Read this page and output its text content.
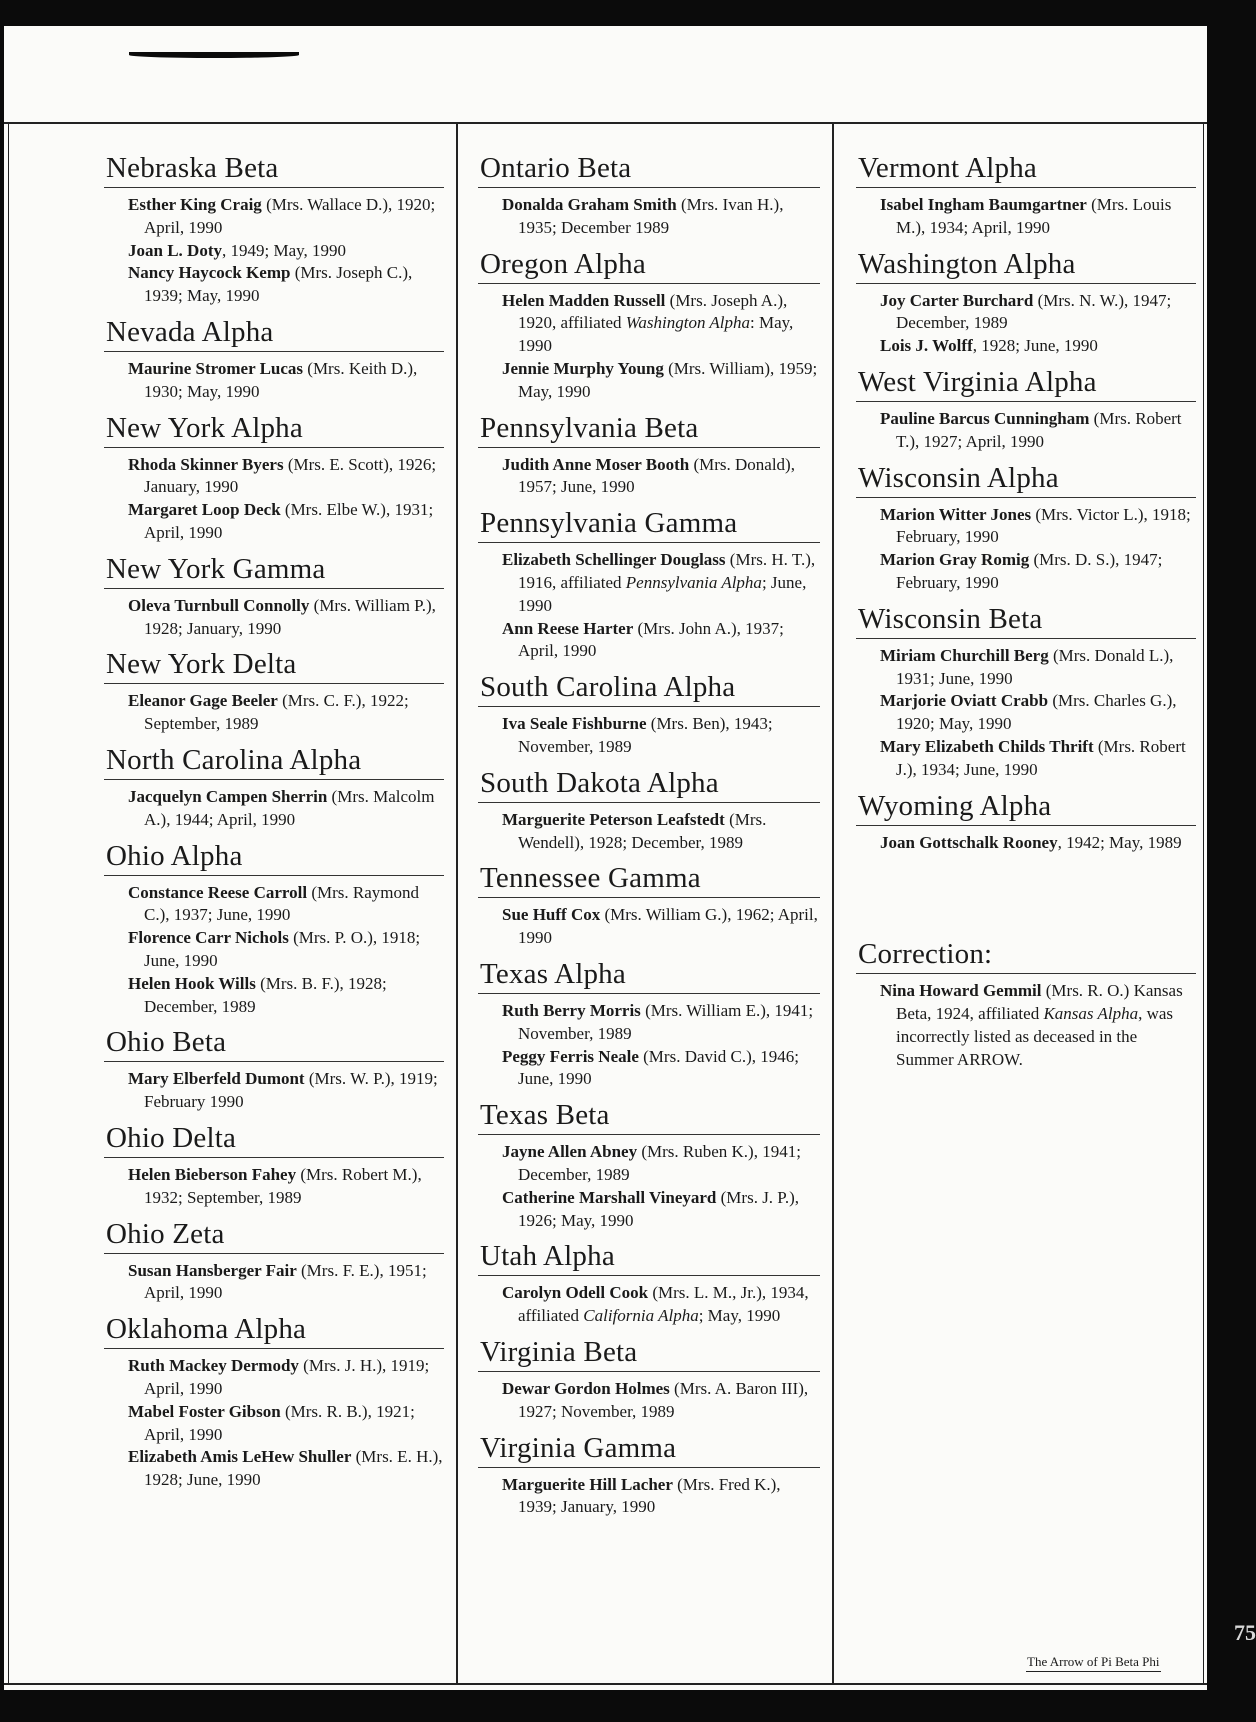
Nebraska Beta

Esther King Craig (Mrs. Wallace D.), 1920; April, 1990

Joan L. Doty, 1949; May, 1990

Nancy Haycock Kemp (Mrs. Joseph C.), 1939; May, 1990

Nevada Alpha

Maurine Stromer Lucas (Mrs. Keith D.), 1930; May, 1990

New York Alpha

Rhoda Skinner Byers (Mrs. E. Scott), 1926; January, 1990

Margaret Loop Deck (Mrs. Elbe W.), 1931; April, 1990

New York Gamma

Oleva Turnbull Connolly (Mrs. William P.), 1928; January, 1990

New York Delta

Eleanor Gage Beeler (Mrs. C. F.), 1922; September, 1989

North Carolina Alpha

Jacquelyn Campen Sherrin (Mrs. Malcolm A.), 1944; April, 1990

Ohio Alpha

Constance Reese Carroll (Mrs. Raymond C.), 1937; June, 1990

Florence Carr Nichols (Mrs. P. O.), 1918; June, 1990

Helen Hook Wills (Mrs. B. F.), 1928; December, 1989

Ohio Beta

Mary Elberfeld Dumont (Mrs. W. P.), 1919; February 1990

Ohio Delta

Helen Bieberson Fahey (Mrs. Robert M.), 1932; September, 1989

Ohio Zeta

Susan Hansberger Fair (Mrs. F. E.), 1951; April, 1990

Oklahoma Alpha

Ruth Mackey Dermody (Mrs. J. H.), 1919; April, 1990

Mabel Foster Gibson (Mrs. R. B.), 1921; April, 1990

Elizabeth Amis LeHew Shuller (Mrs. E. H.), 1928; June, 1990

Ontario Beta

Donalda Graham Smith (Mrs. Ivan H.), 1935; December 1989

Oregon Alpha

Helen Madden Russell (Mrs. Joseph A.), 1920, affiliated Washington Alpha: May, 1990

Jennie Murphy Young (Mrs. William), 1959; May, 1990

Pennsylvania Beta

Judith Anne Moser Booth (Mrs. Donald), 1957; June, 1990

Pennsylvania Gamma

Elizabeth Schellinger Douglass (Mrs. H. T.), 1916, affiliated Pennsylvania Alpha; June, 1990

Ann Reese Harter (Mrs. John A.), 1937; April, 1990

South Carolina Alpha

Iva Seale Fishburne (Mrs. Ben), 1943; November, 1989

South Dakota Alpha

Marguerite Peterson Leafstedt (Mrs. Wendell), 1928; December, 1989

Tennessee Gamma

Sue Huff Cox (Mrs. William G.), 1962; April, 1990

Texas Alpha

Ruth Berry Morris (Mrs. William E.), 1941; November, 1989

Peggy Ferris Neale (Mrs. David C.), 1946; June, 1990

Texas Beta

Jayne Allen Abney (Mrs. Ruben K.), 1941; December, 1989

Catherine Marshall Vineyard (Mrs. J. P.), 1926; May, 1990

Utah Alpha

Carolyn Odell Cook (Mrs. L. M., Jr.), 1934, affiliated California Alpha; May, 1990

Virginia Beta

Dewar Gordon Holmes (Mrs. A. Baron III), 1927; November, 1989

Virginia Gamma

Marguerite Hill Lacher (Mrs. Fred K.), 1939; January, 1990

Vermont Alpha

Isabel Ingham Baumgartner (Mrs. Louis M.), 1934; April, 1990

Washington Alpha

Joy Carter Burchard (Mrs. N. W.), 1947; December, 1989

Lois J. Wolff, 1928; June, 1990

West Virginia Alpha

Pauline Barcus Cunningham (Mrs. Robert T.), 1927; April, 1990

Wisconsin Alpha

Marion Witter Jones (Mrs. Victor L.), 1918; February, 1990

Marion Gray Romig (Mrs. D. S.), 1947; February, 1990

Wisconsin Beta

Miriam Churchill Berg (Mrs. Donald L.), 1931; June, 1990

Marjorie Oviatt Crabb (Mrs. Charles G.), 1920; May, 1990

Mary Elizabeth Childs Thrift (Mrs. Robert J.), 1934; June, 1990

Wyoming Alpha

Joan Gottschalk Rooney, 1942; May, 1989

Correction:

Nina Howard Gemmil (Mrs. R. O.) Kansas Beta, 1924, affiliated Kansas Alpha, was incorrectly listed as deceased in the Summer ARROW.

The Arrow of Pi Beta Phi
75
